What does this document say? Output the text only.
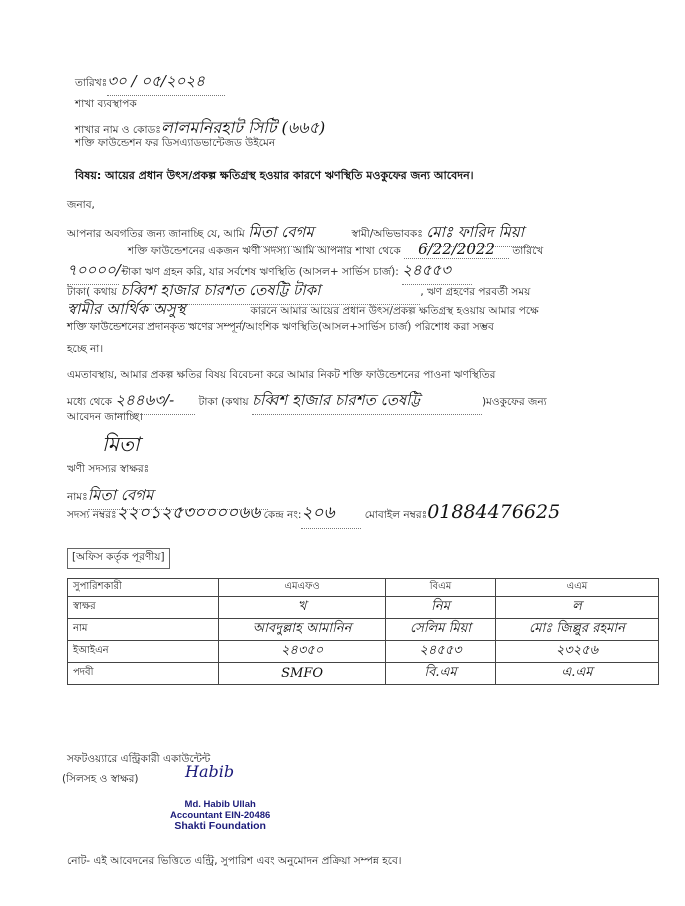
তারিখঃ৩০ / ০৫/২০২৪
শাখা ব্যবস্থাপক
শাখার নাম ও কোডঃলালমনিরহাট সিটি (৬৬৫)
শক্তি ফাউন্ডেশন ফর ডিসএ্যাডভান্টেজড উইমেন
বিষয়: আয়ের প্রধান উৎস/প্রকল্প ক্ষতিগ্রস্থ হওয়ার কারণে ঋণস্থিতি মওকুফের জন্য আবেদন।
জনাব,
আপনার অবগতির জন্য জানাচ্ছি যে, আমি মিতা বেগম	স্বামী/অভিভাবকঃ মোঃ ফারিদ মিয়া
শক্তি ফাউন্ডেশনের একজন ঋণী সদস্য। আমি আপনার শাখা থেকে 6/22/2022 তারিখে
৭০০০০/- টাকা ঋণ গ্রহন করি, যার সর্বশেষ ঋণস্থিতি (আসল+ সার্ভিস চার্জ): ২৪৫৫৩
টাকা( কথায় চব্বিশ হাজার চারশত তেষট্টি টাকা	, ঋণ গ্রহণের পরবর্তী সময়
স্বামীর আর্থিক অসুস্থ	কারনে আমার আয়ের প্রধান উৎস/প্রকল্প ক্ষতিগ্রস্থ হওয়ায় আমার পক্ষে
শক্তি ফাউন্ডেশনের প্রদানকৃত ঋণের সম্পূর্ন/আংশিক ঋণস্থিতি(আসল+সার্ভিস চার্জ) পরিশোধ করা সম্ভব
হচ্ছে না।
এমতাবস্থায়, আমার প্রকল্প ক্ষতির বিষয় বিবেচনা করে আমার নিকট শক্তি ফাউন্ডেশনের পাওনা ঋণস্থিতির
মধ্যে থেকে ২৪৪৬৩/- টাকা (কথায় চব্বিশ হাজার চারশত তেষট্টি	)মওকুফের জন্য
আবেদন জানাচ্ছি।
মিতা
ঋণী সদস্যর স্বাক্ষরঃ
নামঃমিতা বেগম
সদস্য নম্বরঃ২২০১২৫৩০০০০৬৬ কেন্দ্র নং:২০৬	মোবাইল নম্বরঃ01884476625
[অফিস কর্তৃক পূরণীয়]
সুপারিশকারী	এমএফও	বিএম	এএম
স্বাক্ষর	খ	নিম	ল
নাম	আবদুল্লাহ আমানিন	সেলিম মিয়া	মোঃ জিল্লুর রহমান
ইআইএন	২৪৩৫০	২৪৫৫৩	২৩২৫৬
পদবী	SMFO	বি.এম	এ.এম
সফটওয়্যারে এন্ট্রিকারী একাউন্টেন্ট
(সিলসহ ও স্বাক্ষর)	Habib
Md. Habib Ullah
Accountant EIN-20486
Shakti Foundation
নোট- এই আবেদনের ভিত্তিতে এন্ট্রি, সুপারিশ এবং অনুমোদন প্রক্রিয়া সম্পন্ন হবে।
